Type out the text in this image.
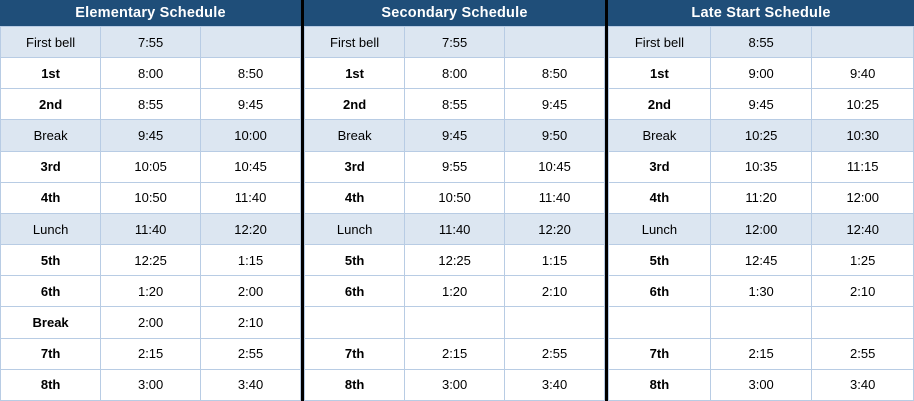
Elementary Schedule
First bell	7:55	
1st	8:00	8:50
2nd	8:55	9:45
Break	9:45	10:00
3rd	10:05	10:45
4th	10:50	11:40
Lunch	11:40	12:20
5th	12:25	1:15
6th	1:20	2:00
Break	2:00	2:10
7th	2:15	2:55
8th	3:00	3:40
Secondary Schedule
First bell	7:55	
1st	8:00	8:50
2nd	8:55	9:45
Break	9:45	9:50
3rd	9:55	10:45
4th	10:50	11:40
Lunch	11:40	12:20
5th	12:25	1:15
6th	1:20	2:10

7th	2:15	2:55
8th	3:00	3:40
Late Start Schedule
First bell	8:55	
1st	9:00	9:40
2nd	9:45	10:25
Break	10:25	10:30
3rd	10:35	11:15
4th	11:20	12:00
Lunch	12:00	12:40
5th	12:45	1:25
6th	1:30	2:10

7th	2:15	2:55
8th	3:00	3:40
